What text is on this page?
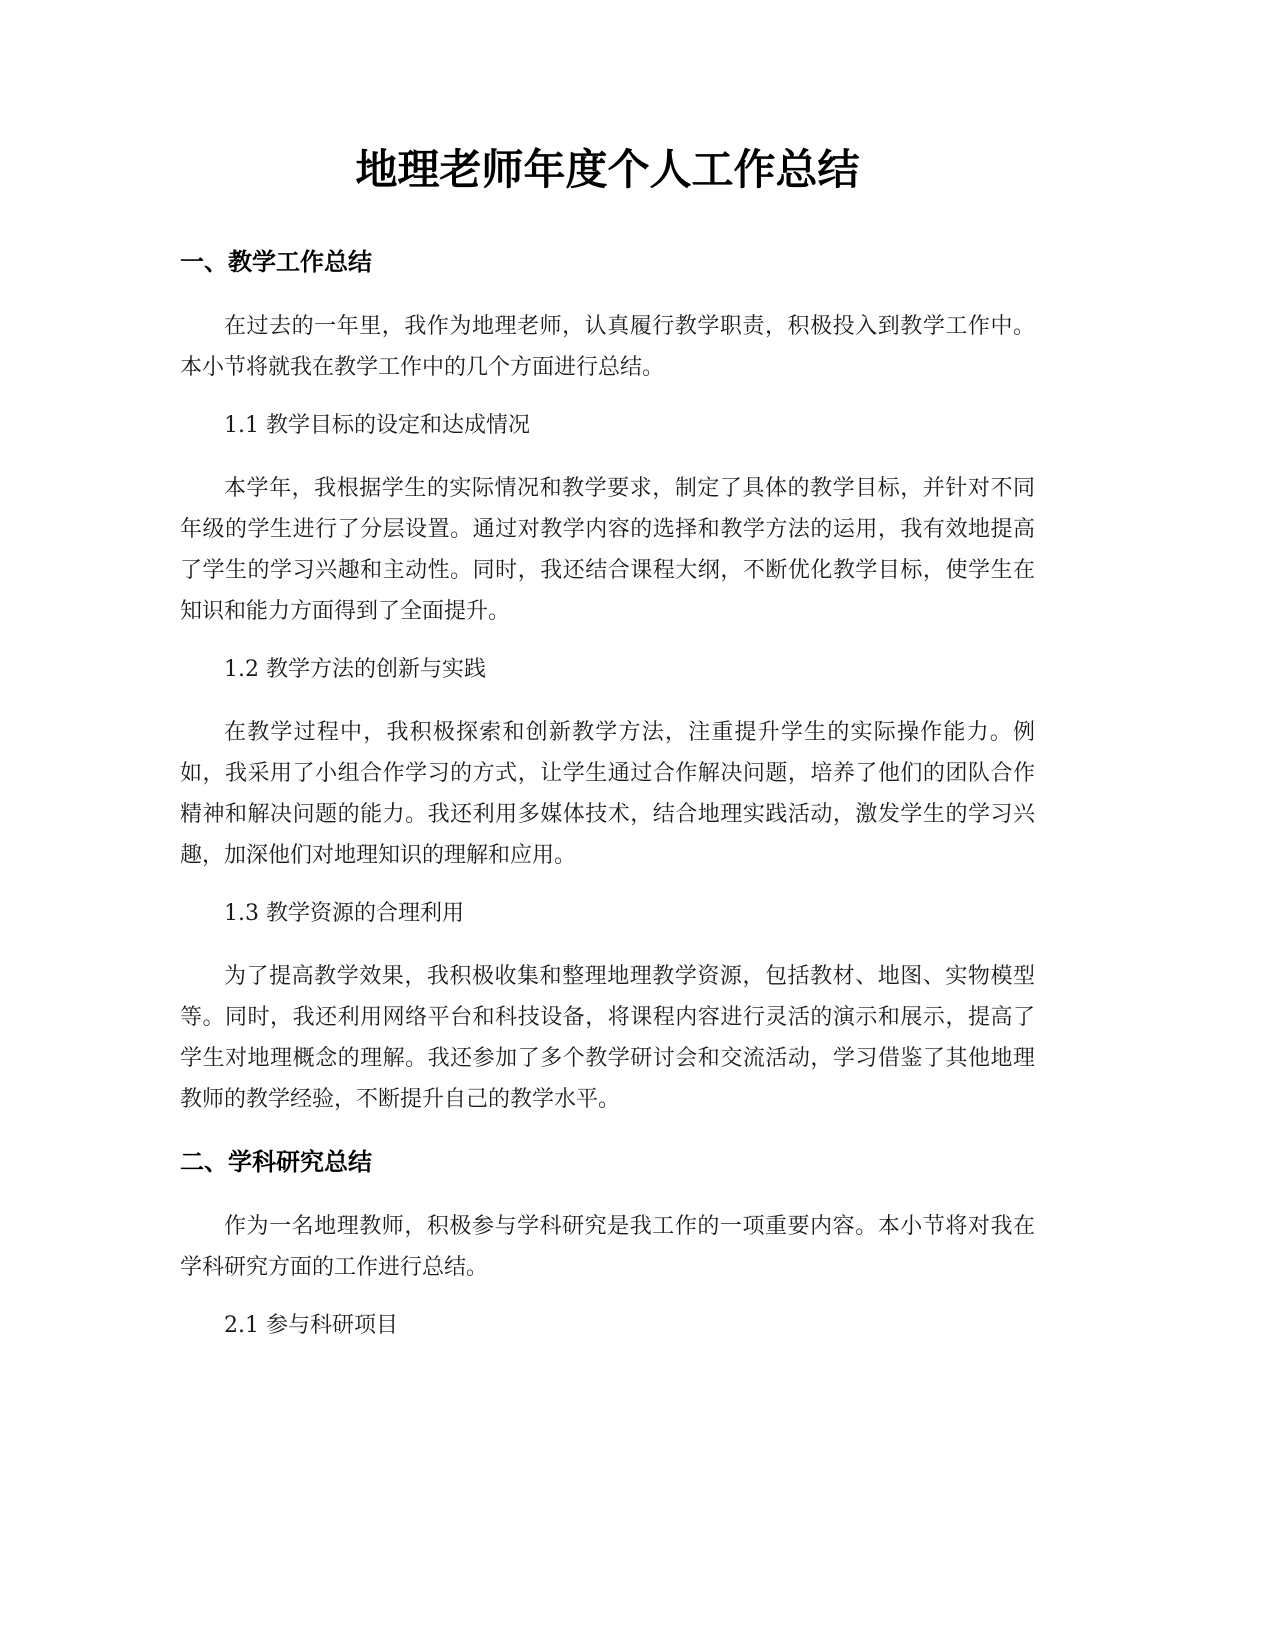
地理老师年度个人工作总结
一、教学工作总结

在过去的一年里，我作为地理老师，认真履行教学职责，积极投入到教学工作中。本小节将就我在教学工作中的几个方面进行总结。

1.1 教学目标的设定和达成情况

本学年，我根据学生的实际情况和教学要求，制定了具体的教学目标，并针对不同年级的学生进行了分层设置。通过对教学内容的选择和教学方法的运用，我有效地提高了学生的学习兴趣和主动性。同时，我还结合课程大纲，不断优化教学目标，使学生在知识和能力方面得到了全面提升。

1.2 教学方法的创新与实践

在教学过程中，我积极探索和创新教学方法，注重提升学生的实际操作能力。例如，我采用了小组合作学习的方式，让学生通过合作解决问题，培养了他们的团队合作精神和解决问题的能力。我还利用多媒体技术，结合地理实践活动，激发学生的学习兴趣，加深他们对地理知识的理解和应用。

1.3 教学资源的合理利用

为了提高教学效果，我积极收集和整理地理教学资源，包括教材、地图、实物模型等。同时，我还利用网络平台和科技设备，将课程内容进行灵活的演示和展示，提高了学生对地理概念的理解。我还参加了多个教学研讨会和交流活动，学习借鉴了其他地理教师的教学经验，不断提升自己的教学水平。

二、学科研究总结

作为一名地理教师，积极参与学科研究是我工作的一项重要内容。本小节将对我在学科研究方面的工作进行总结。

2.1 参与科研项目
